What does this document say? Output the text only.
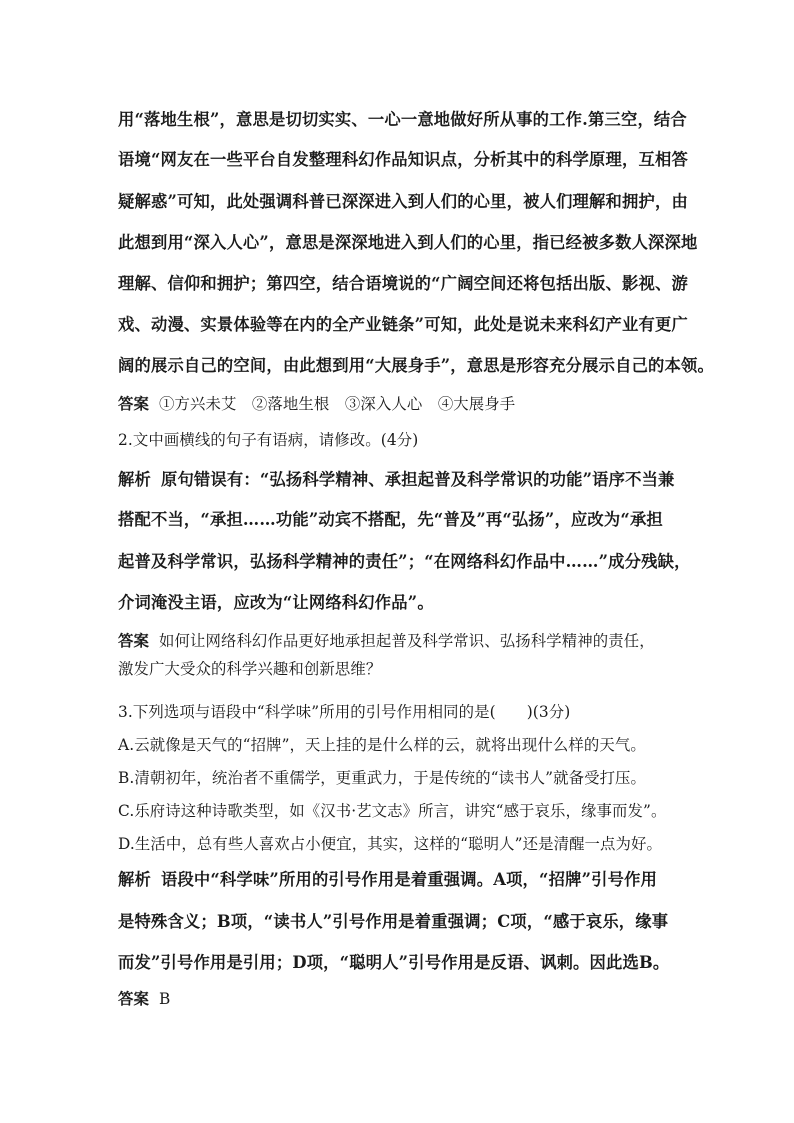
用“落地生根”，意思是切切实实、一心一意地做好所从事的工作.第三空，结合
语境“网友在一些平台自发整理科幻作品知识点，分析其中的科学原理，互相答
疑解惑”可知，此处强调科普已深深进入到人们的心里，被人们理解和拥护，由
此想到用“深入人心”，意思是深深地进入到人们的心里，指已经被多数人深深地
理解、信仰和拥护；第四空，结合语境说的“广阔空间还将包括出版、影视、游
戏、动漫、实景体验等在内的全产业链条”可知，此处是说未来科幻产业有更广
阔的展示自己的空间，由此想到用“大展身手”，意思是形容充分展示自己的本领。
答案 ①方兴未艾　②落地生根　③深入人心　④大展身手
2.文中画横线的句子有语病，请修改。(4分)
解析 原句错误有：“弘扬科学精神、承担起普及科学常识的功能”语序不当兼
搭配不当，“承担……功能”动宾不搭配，先“普及”再“弘扬”，应改为“承担
起普及科学常识，弘扬科学精神的责任”；“在网络科幻作品中……”成分残缺，
介词淹没主语，应改为“让网络科幻作品”。
答案 如何让网络科幻作品更好地承担起普及科学常识、弘扬科学精神的责任，
激发广大受众的科学兴趣和创新思维？
3.下列选项与语段中“科学味”所用的引号作用相同的是(　　)(3分)
A.云就像是天气的“招牌”，天上挂的是什么样的云，就将出现什么样的天气。
B.清朝初年，统治者不重儒学，更重武力，于是传统的“读书人”就备受打压。
C.乐府诗这种诗歌类型，如《汉书·艺文志》所言，讲究“感于哀乐，缘事而发”。
D.生活中，总有些人喜欢占小便宜，其实，这样的“聪明人”还是清醒一点为好。
解析 语段中“科学味”所用的引号作用是着重强调。A项，“招牌”引号作用
是特殊含义；B项，“读书人”引号作用是着重强调；C项，“感于哀乐，缘事
而发”引号作用是引用；D项，“聪明人”引号作用是反语、讽刺。因此选B。
答案 B
